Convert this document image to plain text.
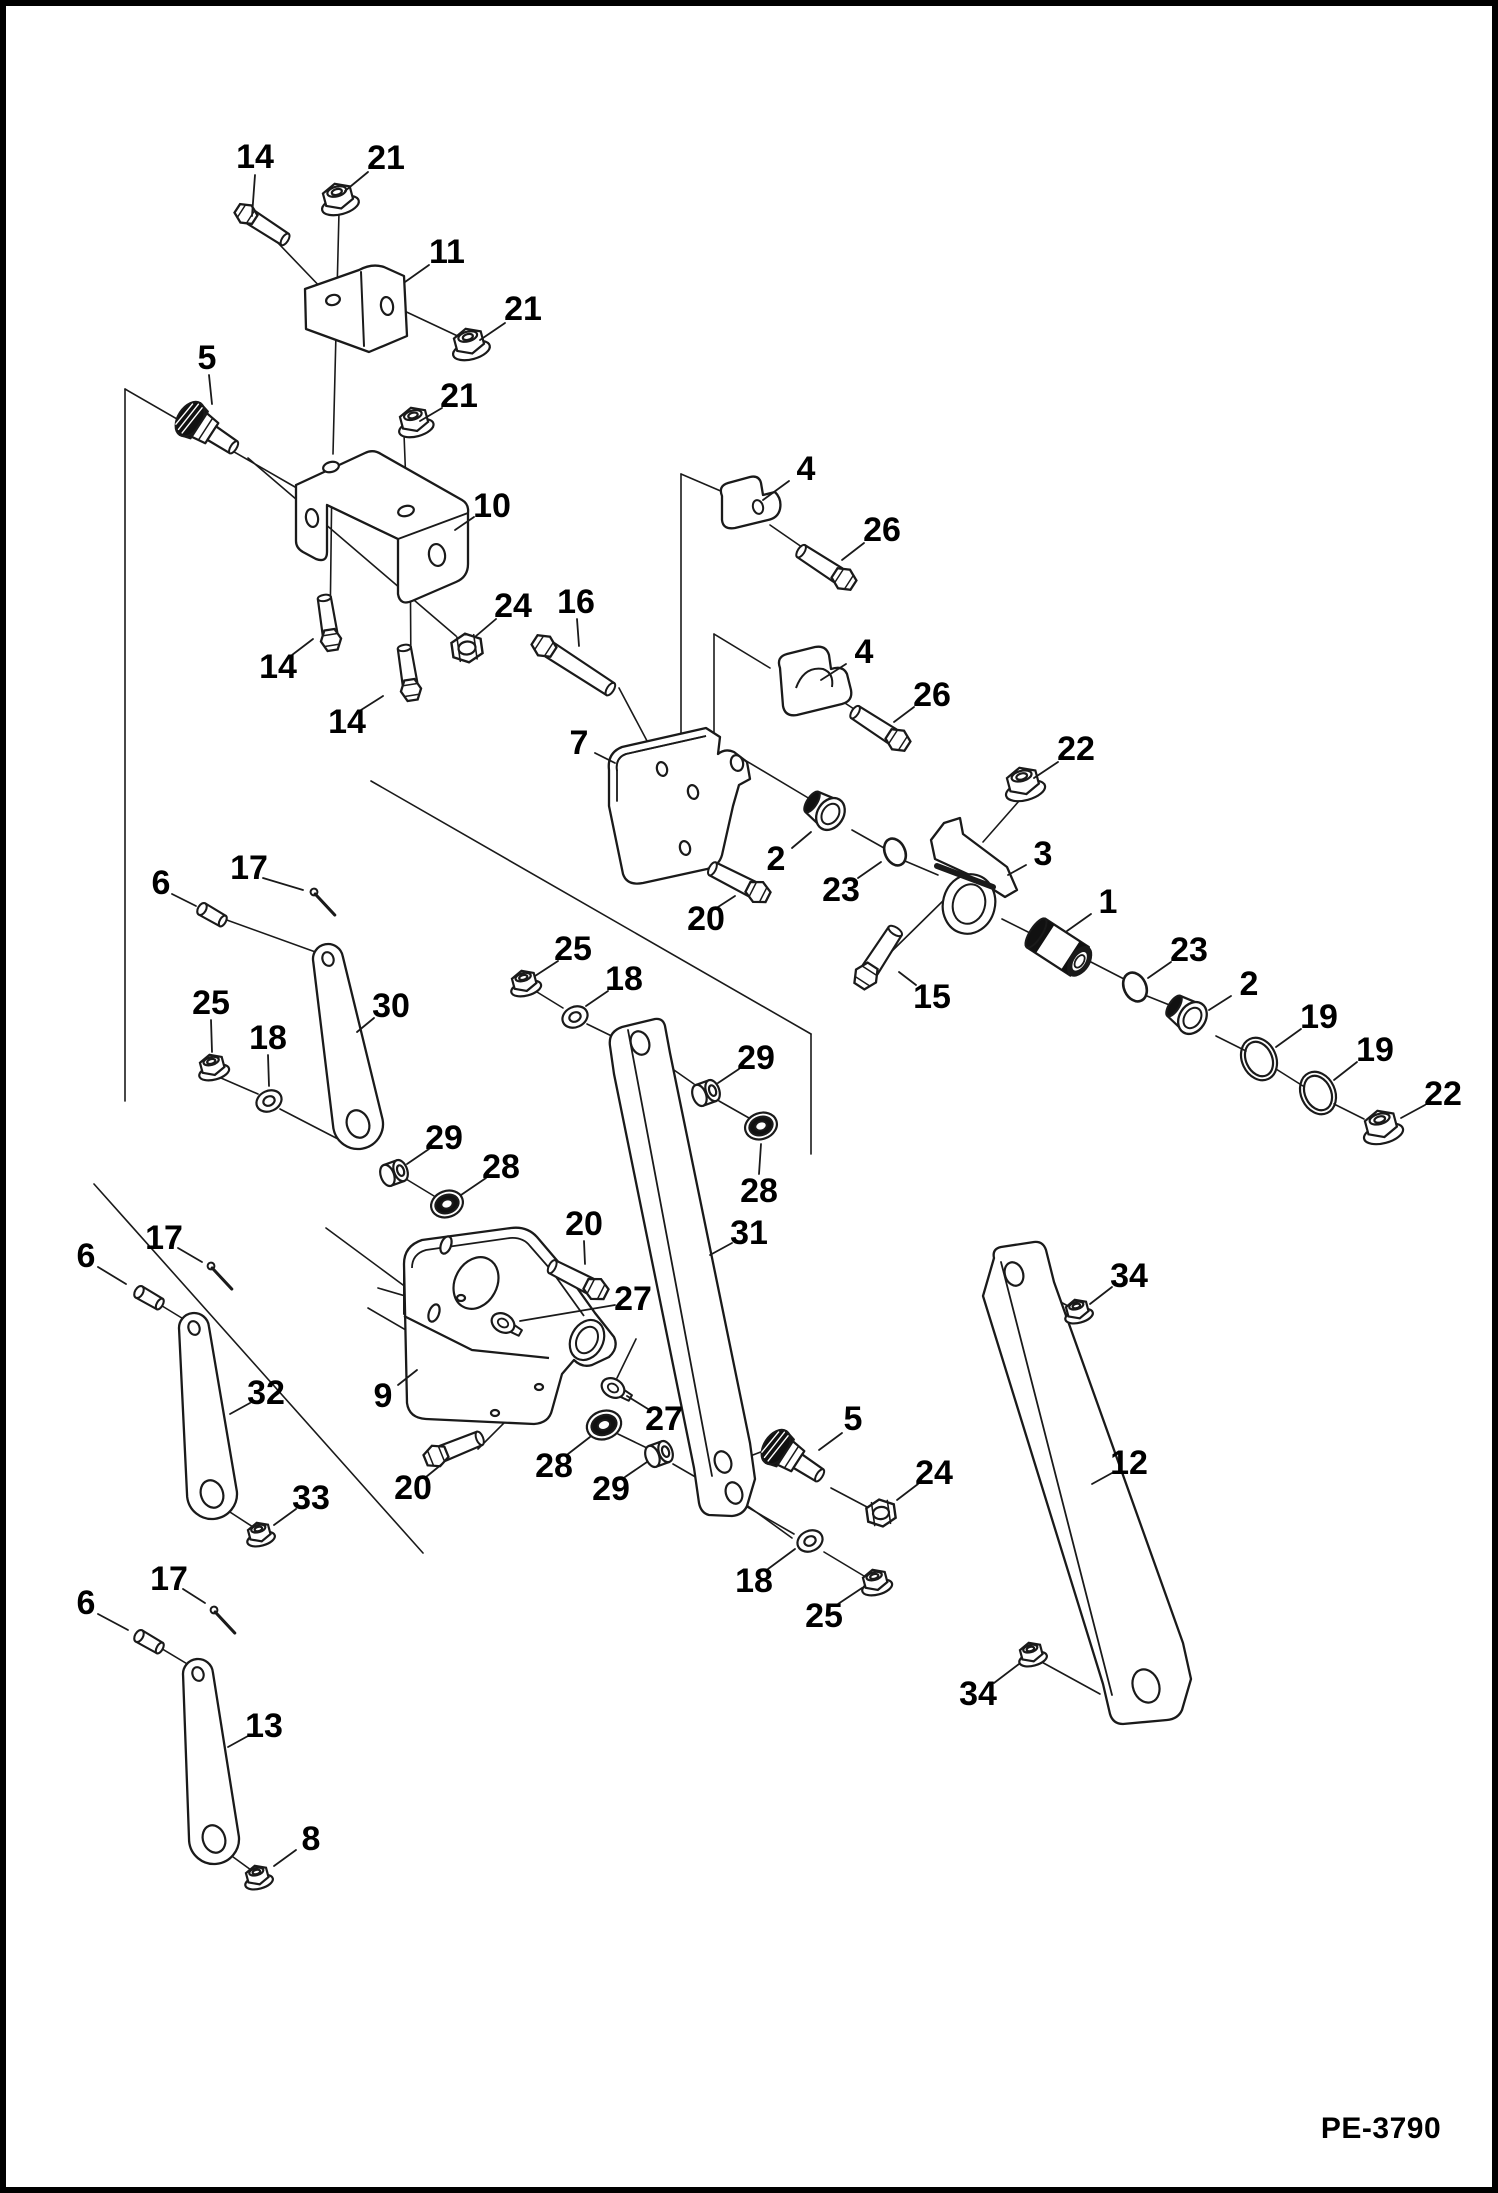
14	21
11
21
5
21
10
24 16
14
14
4
26
4
26
7	22
3
2
23
20
15
1
23
2
19
19
22
6 17
30
25
18
29
28
25
18
29
28
31
20
27
9
27
28
20	29
5
24
18
25
34
12
34
6 17
32
33
6
17
13
8
PE-3790
